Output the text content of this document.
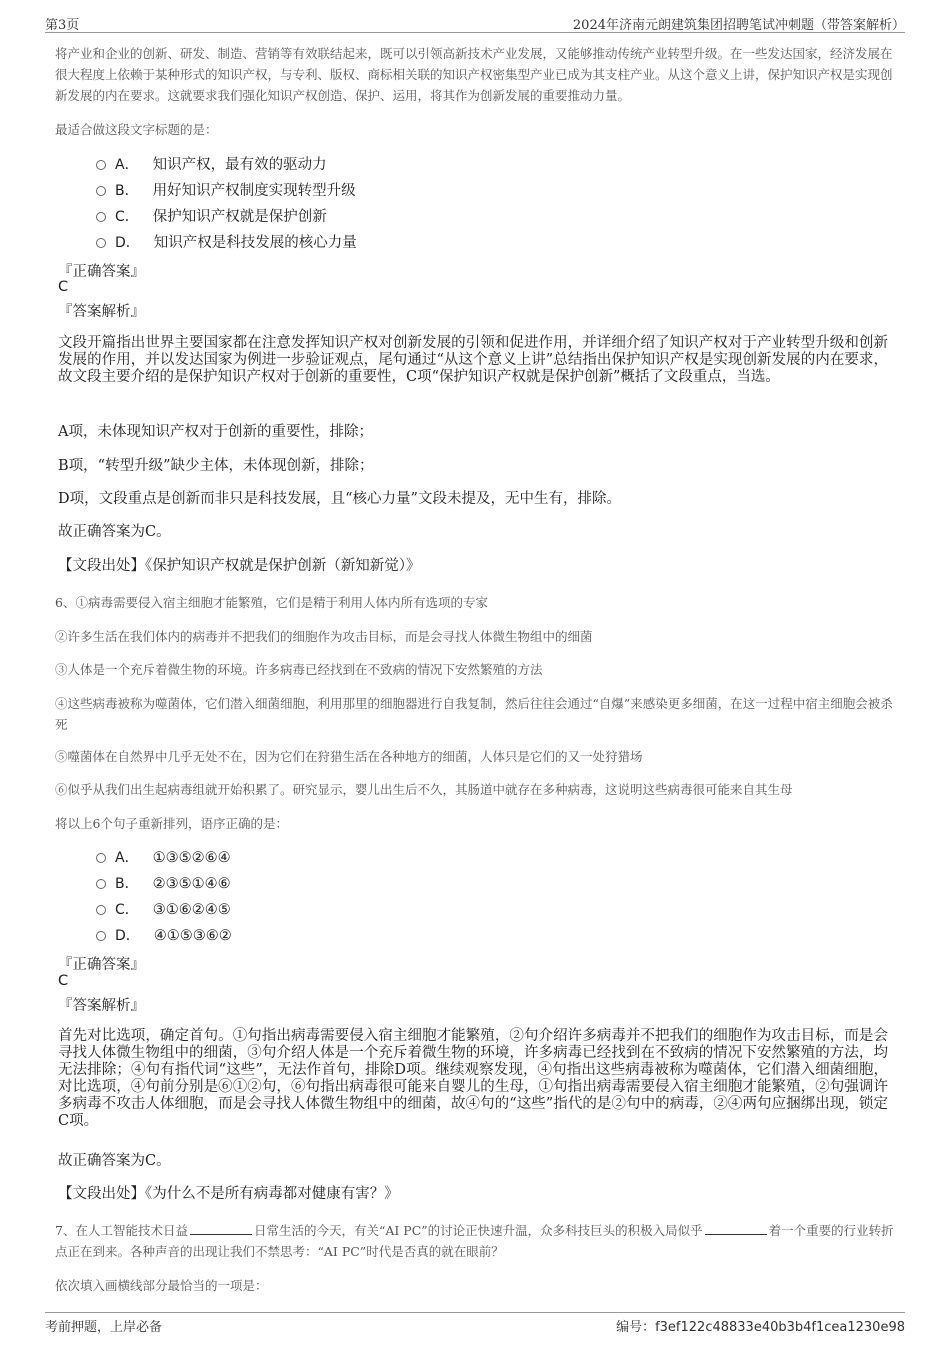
第3页	2024年济南元朗建筑集团招聘笔试冲刺题（带答案解析）
将产业和企业的创新、研发、制造、营销等有效联结起来，既可以引领高新技术产业发展，又能够推动传统产业转型升级。在一些发达国家，经济发展在很大程度上依赖于某种形式的知识产权，与专利、版权、商标相关联的知识产权密集型产业已成为其支柱产业。从这个意义上讲，保护知识产权是实现创新发展的内在要求。这就要求我们强化知识产权创造、保护、运用，将其作为创新发展的重要推动力量。
最适合做这段文字标题的是：
A． 知识产权，最有效的驱动力
B． 用好知识产权制度实现转型升级
C． 保护知识产权就是保护创新
D． 知识产权是科技发展的核心力量
『正确答案』
C
『答案解析』
文段开篇指出世界主要国家都在注意发挥知识产权对创新发展的引领和促进作用，并详细介绍了知识产权对于产业转型升级和创新发展的作用，并以发达国家为例进一步验证观点，尾句通过“从这个意义上讲”总结指出保护知识产权是实现创新发展的内在要求，故文段主要介绍的是保护知识产权对于创新的重要性，C项“保护知识产权就是保护创新”概括了文段重点，当选。
A项，未体现知识产权对于创新的重要性，排除；
B项，“转型升级”缺少主体，未体现创新，排除；
D项，文段重点是创新而非只是科技发展，且“核心力量”文段未提及，无中生有，排除。
故正确答案为C。
【文段出处】《保护知识产权就是保护创新（新知新觉）》
6、①病毒需要侵入宿主细胞才能繁殖，它们是精于利用人体内所有选项的专家
②许多生活在我们体内的病毒并不把我们的细胞作为攻击目标，而是会寻找人体微生物组中的细菌
③人体是一个充斥着微生物的环境。许多病毒已经找到在不致病的情况下安然繁殖的方法
④这些病毒被称为噬菌体，它们潜入细菌细胞，利用那里的细胞器进行自我复制，然后往往会通过“自爆”来感染更多细菌，在这一过程中宿主细胞会被杀死
⑤噬菌体在自然界中几乎无处不在，因为它们在狩猎生活在各种地方的细菌，人体只是它们的又一处狩猎场
⑥似乎从我们出生起病毒组就开始积累了。研究显示，婴儿出生后不久，其肠道中就存在多种病毒，这说明这些病毒很可能来自其生母
将以上6个句子重新排列，语序正确的是：
A． ①③⑤②⑥④
B． ②③⑤①④⑥
C． ③①⑥②④⑤
D． ④①⑤③⑥②
『正确答案』
C
『答案解析』
首先对比选项，确定首句。①句指出病毒需要侵入宿主细胞才能繁殖，②句介绍许多病毒并不把我们的细胞作为攻击目标，而是会寻找人体微生物组中的细菌，③句介绍人体是一个充斥着微生物的环境，许多病毒已经找到在不致病的情况下安然繁殖的方法，均无法排除；④句有指代词“这些”，无法作首句，排除D项。继续观察发现，④句指出这些病毒被称为噬菌体，它们潜入细菌细胞，对比选项，④句前分别是⑥①②句，⑥句指出病毒很可能来自婴儿的生母，①句指出病毒需要侵入宿主细胞才能繁殖，②句强调许多病毒不攻击人体细胞，而是会寻找人体微生物组中的细菌，故④句的“这些”指代的是②句中的病毒，②④两句应捆绑出现，锁定C项。
故正确答案为C。
【文段出处】《为什么不是所有病毒都对健康有害？》
7、在人工智能技术日益	日常生活的今天，有关“AI PC”的讨论正快速升温，众多科技巨头的积极入局似乎	着一个重要的行业转折点正在到来。各种声音的出现让我们不禁思考：“AI PC”时代是否真的就在眼前？
依次填入画横线部分最恰当的一项是：
考前押题，上岸必备	编号：f3ef122c48833e40b3b4f1cea1230e98
